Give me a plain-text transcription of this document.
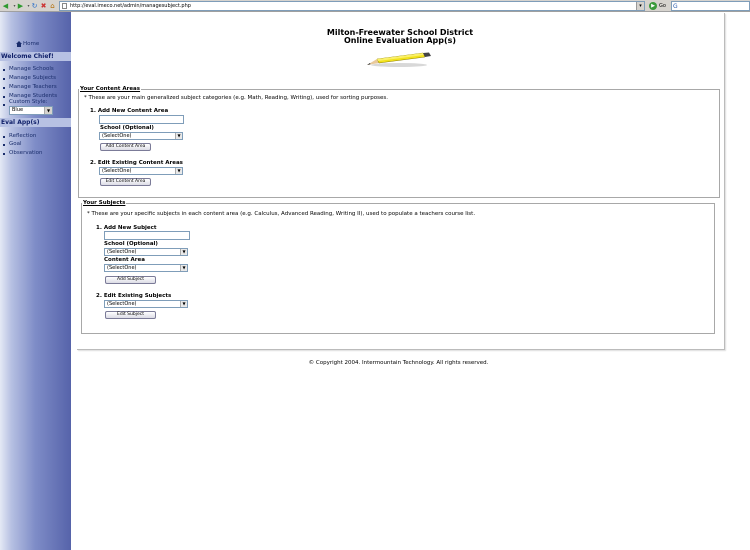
◀	▾ ▶	▾ ↻ ✖ ⌂	http://eval.imeco.net/admin/managesubject.php	▾	▶ Go G
Home
Welcome Chief!
Manage Schools
Manage Subjects
Manage Teachers
Manage Students
Custom Style:
Blue	▼
Eval App(s)
Reflection
Goal
Observation
Milton-Freewater School District
Online Evaluation App(s)
Your Content Areas
* These are your main generalized subject categories (e.g. Math, Reading, Writing), used for sorting purposes.
1. Add New Content Area
School (Optional)
(SelectOne)	▼
Add Content Area
2. Edit Existing Content Areas
(SelectOne)	▼
Edit Content Area
Your Subjects
* These are your specific subjects in each content area (e.g. Calculus, Advanced Reading, Writing II), used to populate a teachers course list.
1. Add New Subject
School (Optional)
(SelectOne)	▼
Content Area
(SelectOne)	▼
Add Subject
2. Edit Existing Subjects
(SelectOne)	▼
Edit Subject
© Copyright 2004. Intermountain Technology. All rights reserved.
